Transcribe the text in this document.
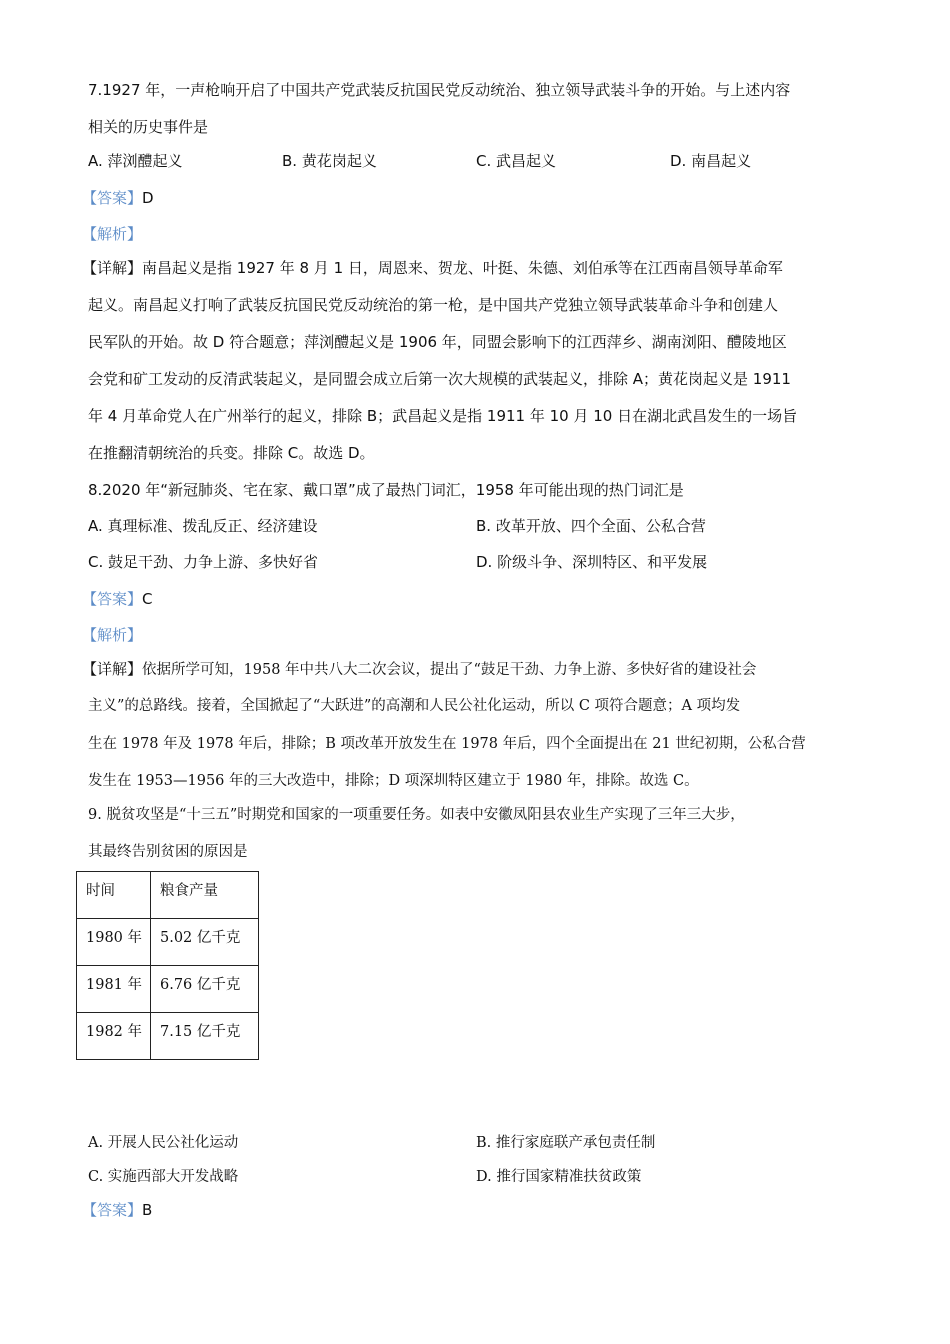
7.1927 年，一声枪响开启了中国共产党武装反抗国民党反动统治、独立领导武装斗争的开始。与上述内容
相关的历史事件是
A. 萍浏醴起义	B. 黄花岗起义	C. 武昌起义	D. 南昌起义
【答案】D
【解析】
【详解】南昌起义是指 1927 年 8 月 1 日，周恩来、贺龙、叶挺、朱德、刘伯承等在江西南昌领导革命军
起义。南昌起义打响了武装反抗国民党反动统治的第一枪，是中国共产党独立领导武装革命斗争和创建人
民军队的开始。故 D 符合题意；萍浏醴起义是 1906 年，同盟会影响下的江西萍乡、湖南浏阳、醴陵地区
会党和矿工发动的反清武装起义，是同盟会成立后第一次大规模的武装起义，排除 A；黄花岗起义是 1911
年 4 月革命党人在广州举行的起义，排除 B；武昌起义是指 1911 年 10 月 10 日在湖北武昌发生的一场旨
在推翻清朝统治的兵变。排除 C。故选 D。
8.2020 年“新冠肺炎、宅在家、戴口罩”成了最热门词汇，1958 年可能出现的热门词汇是
A. 真理标准、拨乱反正、经济建设	B. 改革开放、四个全面、公私合营
C. 鼓足干劲、力争上游、多快好省	D. 阶级斗争、深圳特区、和平发展
【答案】C
【解析】
【详解】依据所学可知，1958 年中共八大二次会议，提出了“鼓足干劲、力争上游、多快好省的建设社会
主义”的总路线。接着，全国掀起了“大跃进”的高潮和人民公社化运动，所以 C 项符合题意；A 项均发
生在 1978 年及 1978 年后，排除；B 项改革开放发生在 1978 年后，四个全面提出在 21 世纪初期，公私合营
发生在 1953—1956 年的三大改造中，排除；D 项深圳特区建立于 1980 年，排除。故选 C。
9. 脱贫攻坚是“十三五”时期党和国家的一项重要任务。如表中安徽凤阳县农业生产实现了三年三大步，
其最终告别贫困的原因是
时间	粮食产量
1980 年	5.02 亿千克
1981 年	6.76 亿千克
1982 年	7.15 亿千克
A. 开展人民公社化运动	B. 推行家庭联产承包责任制
C. 实施西部大开发战略	D. 推行国家精准扶贫政策
【答案】B
